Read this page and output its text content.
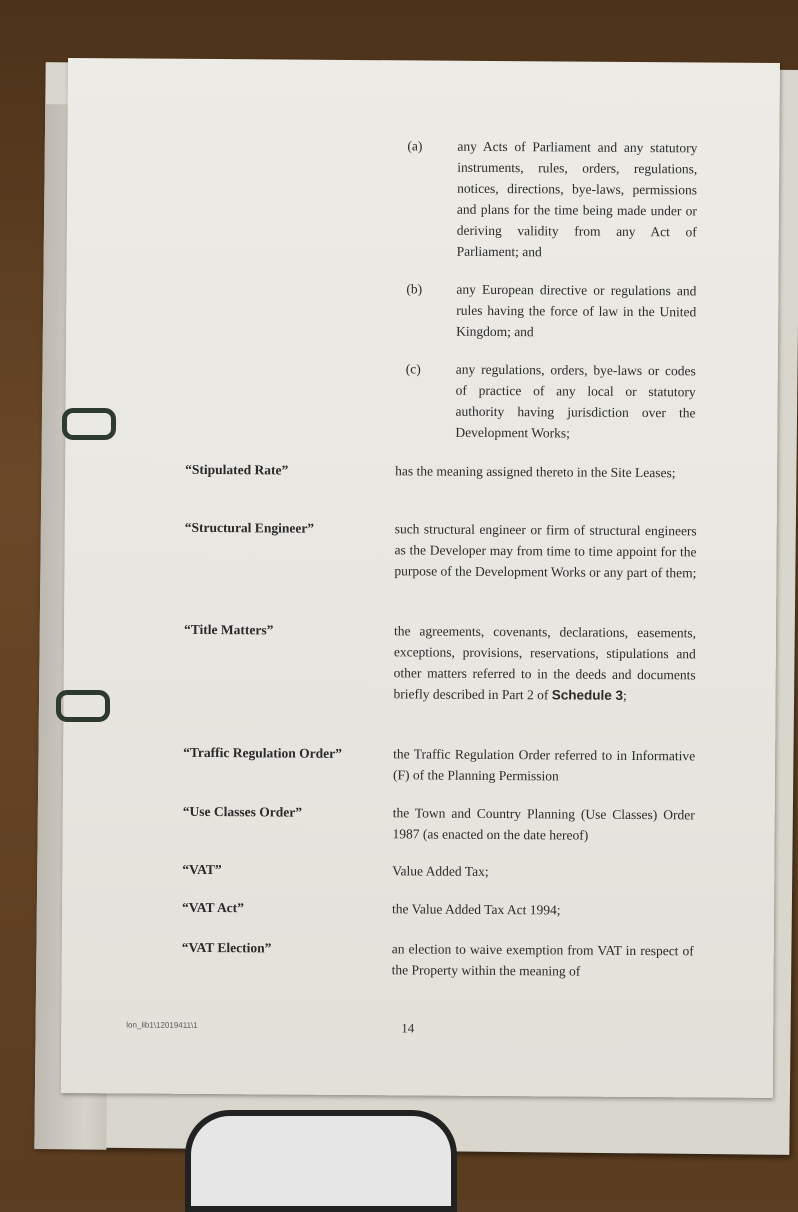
(a)	any Acts of Parliament and any statutory instruments, rules, orders, regulations, notices, directions, bye-laws, permissions and plans for the time being made under or deriving validity from any Act of Parliament; and
(b)	any European directive or regulations and rules having the force of law in the United Kingdom; and
(c)	any regulations, orders, bye-laws or codes of practice of any local or statutory authority having jurisdiction over the Development Works;
“Stipulated Rate”	has the meaning assigned thereto in the Site Leases;
“Structural Engineer”	such structural engineer or firm of structural engineers as the Developer may from time to time appoint for the purpose of the Development Works or any part of them;
“Title Matters”	the agreements, covenants, declarations, easements, exceptions, provisions, reservations, stipulations and other matters referred to in the deeds and documents briefly described in Part 2 of Schedule 3;
“Traffic Regulation Order”	the Traffic Regulation Order referred to in Informative (F) of the Planning Permission
“Use Classes Order”	the Town and Country Planning (Use Classes) Order 1987 (as enacted on the date hereof)
“VAT”	Value Added Tax;
“VAT Act”	the Value Added Tax Act 1994;
“VAT Election”	an election to waive exemption from VAT in respect of the Property within the meaning of
lon_lib1\12019411\1	14
